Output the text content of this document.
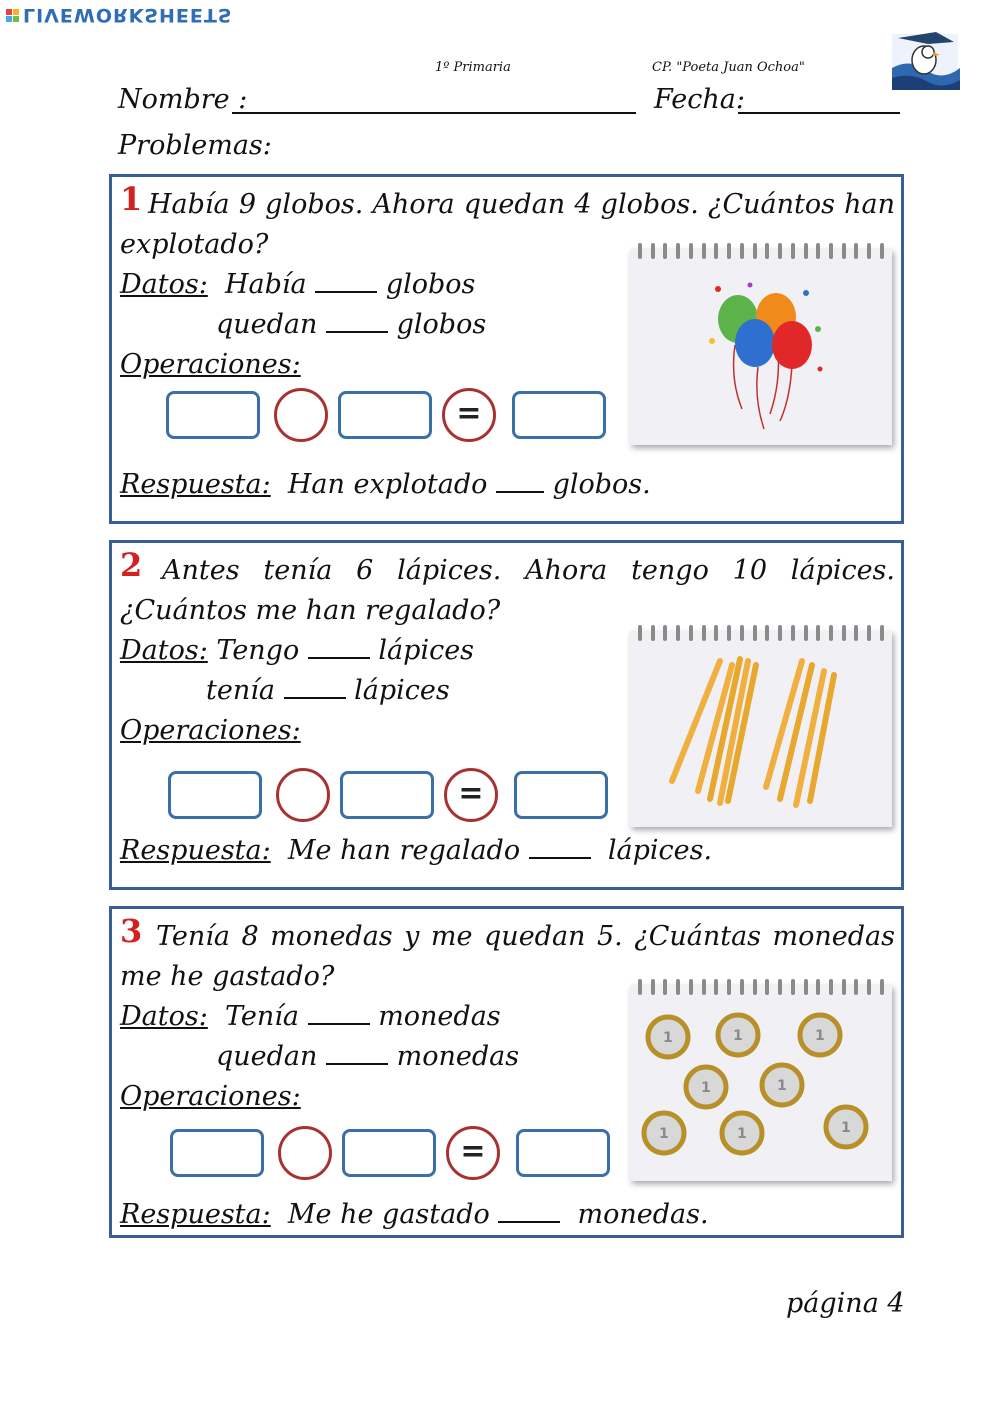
LIVEWORKSHEETS
1º Primaria	CP. "Poeta Juan Ochoa"
Nombre :	Fecha:
Problemas:
1 Había 9 globos. Ahora quedan 4 globos. ¿Cuántos han explotado?
Datos: Había	globos
quedan	globos
Operaciones:
=
Respuesta: Han explotado globos.
2 Antes tenía 6 lápices. Ahora tengo 10 lápices. ¿Cuántos me han regalado?
Datos: Tengo	lápices
tenía	lápices
Operaciones:
=
Respuesta: Me han regalado	lápices.
3 Tenía 8 monedas y me quedan 5. ¿Cuántas monedas me he gastado?
Datos: Tenía	monedas
quedan	monedas
Operaciones:
=
Respuesta: Me he gastado	monedas.
1	1	1
1	1
1	1	1
página 4
